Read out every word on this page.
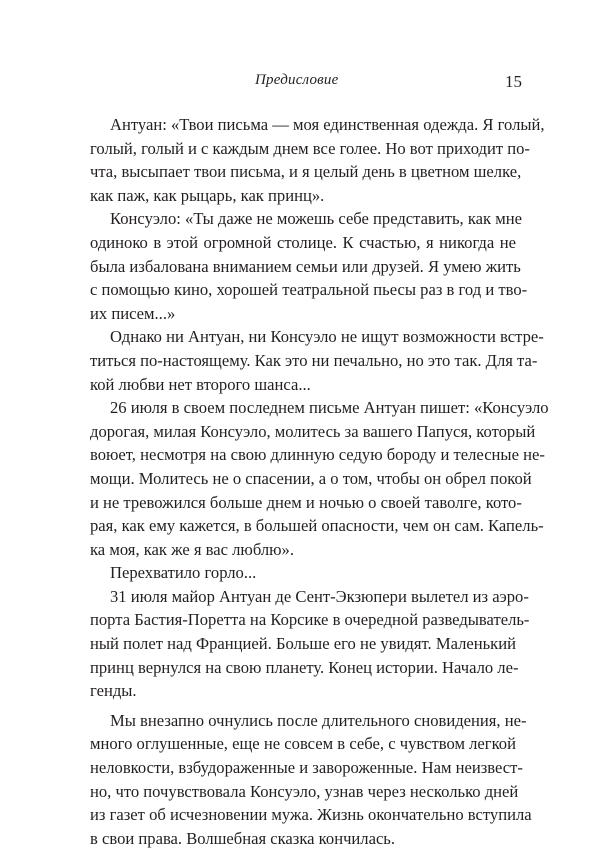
Предисловие	15
Антуан: «Твои письма — моя единственная одежда. Я голый,
голый, голый и с каждым днем все голее. Но вот приходит по-
чта, высыпает твои письма, и я целый день в цветном шелке,
как паж, как рыцарь, как принц».
Консуэло: «Ты даже не можешь себе представить, как мне
одиноко в этой огромной столице. К счастью, я никогда не
была избалована вниманием семьи или друзей. Я умею жить
с помощью кино, хорошей театральной пьесы раз в год и тво-
их писем...»
Однако ни Антуан, ни Консуэло не ищут возможности встре-
титься по-настоящему. Как это ни печально, но это так. Для та-
кой любви нет второго шанса...
26 июля в своем последнем письме Антуан пишет: «Консуэло
дорогая, милая Консуэло, молитесь за вашего Папуся, который
воюет, несмотря на свою длинную седую бороду и телесные не-
мощи. Молитесь не о спасении, а о том, чтобы он обрел покой
и не тревожился больше днем и ночью о своей таволге, кото-
рая, как ему кажется, в большей опасности, чем он сам. Капель-
ка моя, как же я вас люблю».
Перехватило горло...
31 июля майор Антуан де Сент-Экзюпери вылетел из аэро-
порта Бастия-Поретта на Корсике в очередной разведыватель-
ный полет над Францией. Больше его не увидят. Маленький
принц вернулся на свою планету. Конец истории. Начало ле-
генды.
Мы внезапно очнулись после длительного сновидения, не-
много оглушенные, еще не совсем в себе, с чувством легкой
неловкости, взбудораженные и завороженные. Нам неизвест-
но, что почувствовала Консуэло, узнав через несколько дней
из газет об исчезновении мужа. Жизнь окончательно вступила
в свои права. Волшебная сказка кончилась.
